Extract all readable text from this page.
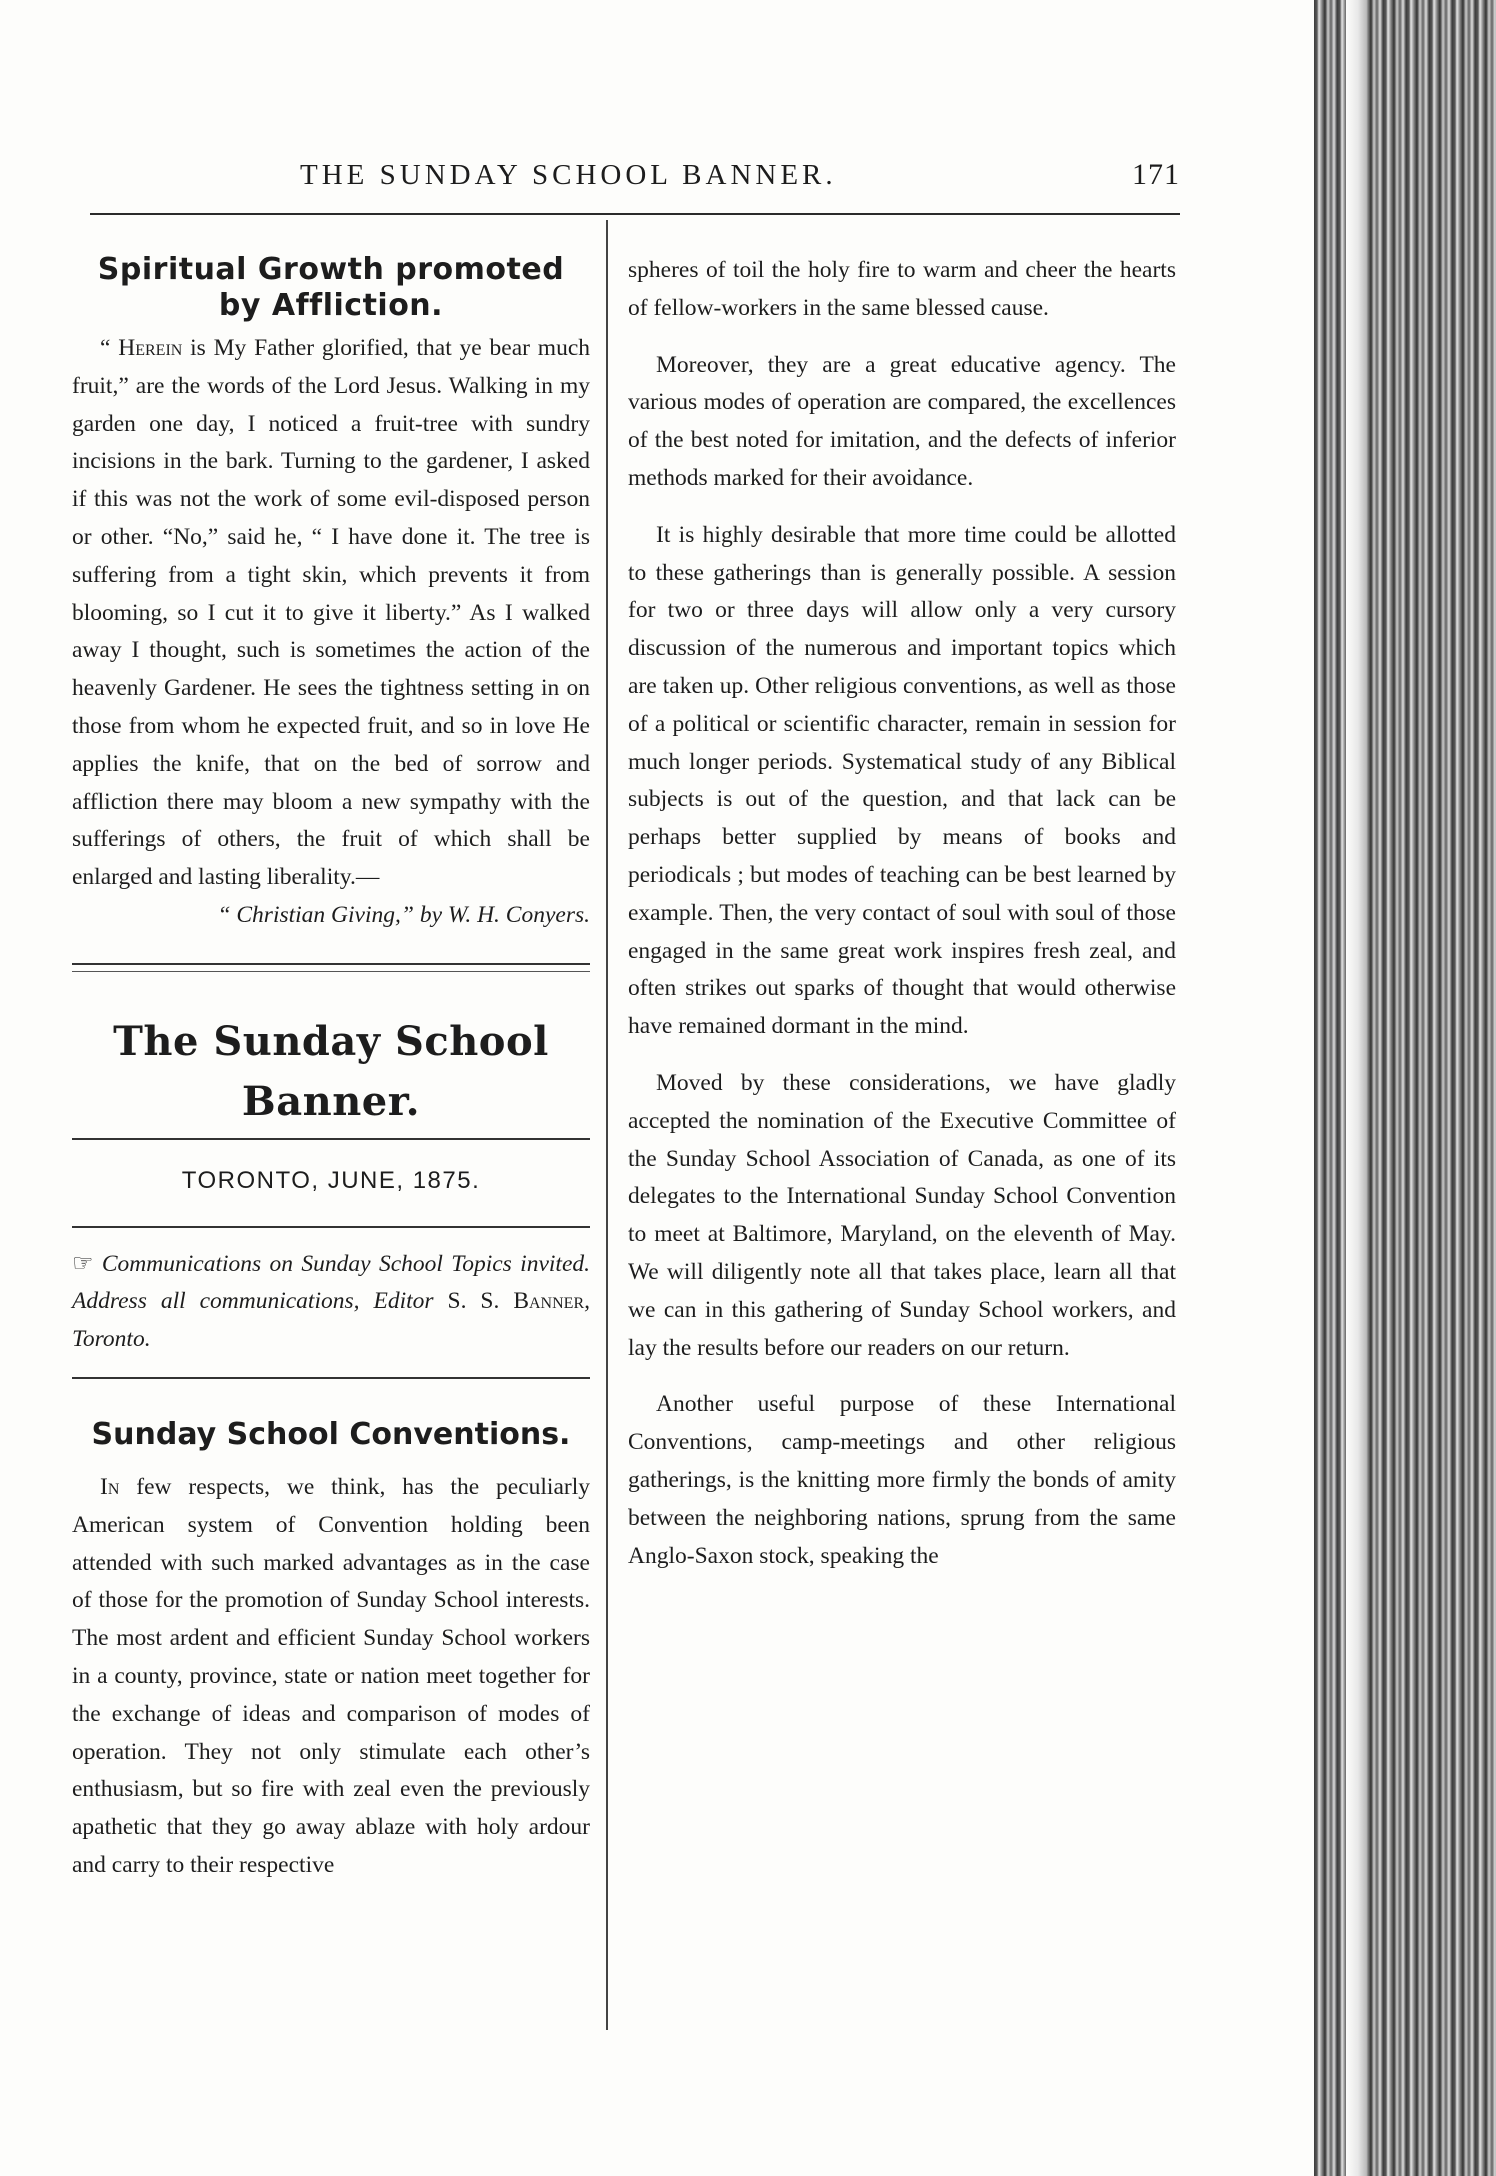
THE SUNDAY SCHOOL BANNER.	171
Spiritual Growth promoted by Affliction.

“ Herein is My Father glorified, that ye bear much fruit,” are the words of the Lord Jesus. Walking in my garden one day, I noticed a fruit-tree with sundry incisions in the bark. Turning to the gardener, I asked if this was not the work of some evil-disposed person or other. “No,” said he, “ I have done it. The tree is suffering from a tight skin, which prevents it from blooming, so I cut it to give it liberty.” As I walked away I thought, such is sometimes the action of the heavenly Gardener. He sees the tightness setting in on those from whom he expected fruit, and so in love He applies the knife, that on the bed of sorrow and affliction there may bloom a new sympathy with the sufferings of others, the fruit of which shall be enlarged and lasting liberality.—

“ Christian Giving,” by W. H. Conyers.
The Sunday School Banner.
TORONTO, JUNE, 1875.
☞ Communications on Sunday School Topics invited. Address all communications, Editor S. S. Banner, Toronto.
Sunday School Conventions.

In few respects, we think, has the peculiarly American system of Convention holding been attended with such marked advantages as in the case of those for the promotion of Sunday School interests. The most ardent and efficient Sunday School workers in a county, province, state or nation meet together for the exchange of ideas and comparison of modes of operation. They not only stimulate each other’s enthusiasm, but so fire with zeal even the previously apathetic that they go away ablaze with holy ardour and carry to their respective

spheres of toil the holy fire to warm and cheer the hearts of fellow-workers in the same blessed cause.

Moreover, they are a great educative agency. The various modes of operation are compared, the excellences of the best noted for imitation, and the defects of inferior methods marked for their avoidance.

It is highly desirable that more time could be allotted to these gatherings than is generally possible. A session for two or three days will allow only a very cursory discussion of the numerous and important topics which are taken up. Other religious conventions, as well as those of a political or scientific character, remain in session for much longer periods. Systematical study of any Biblical subjects is out of the question, and that lack can be perhaps better supplied by means of books and periodicals ; but modes of teaching can be best learned by example. Then, the very contact of soul with soul of those engaged in the same great work inspires fresh zeal, and often strikes out sparks of thought that would otherwise have remained dormant in the mind.

Moved by these considerations, we have gladly accepted the nomination of the Executive Committee of the Sunday School Association of Canada, as one of its delegates to the International Sunday School Convention to meet at Baltimore, Maryland, on the eleventh of May. We will diligently note all that takes place, learn all that we can in this gathering of Sunday School workers, and lay the results before our readers on our return.

Another useful purpose of these International Conventions, camp-meetings and other religious gatherings, is the knitting more firmly the bonds of amity between the neighboring nations, sprung from the same Anglo-Saxon stock, speaking the
